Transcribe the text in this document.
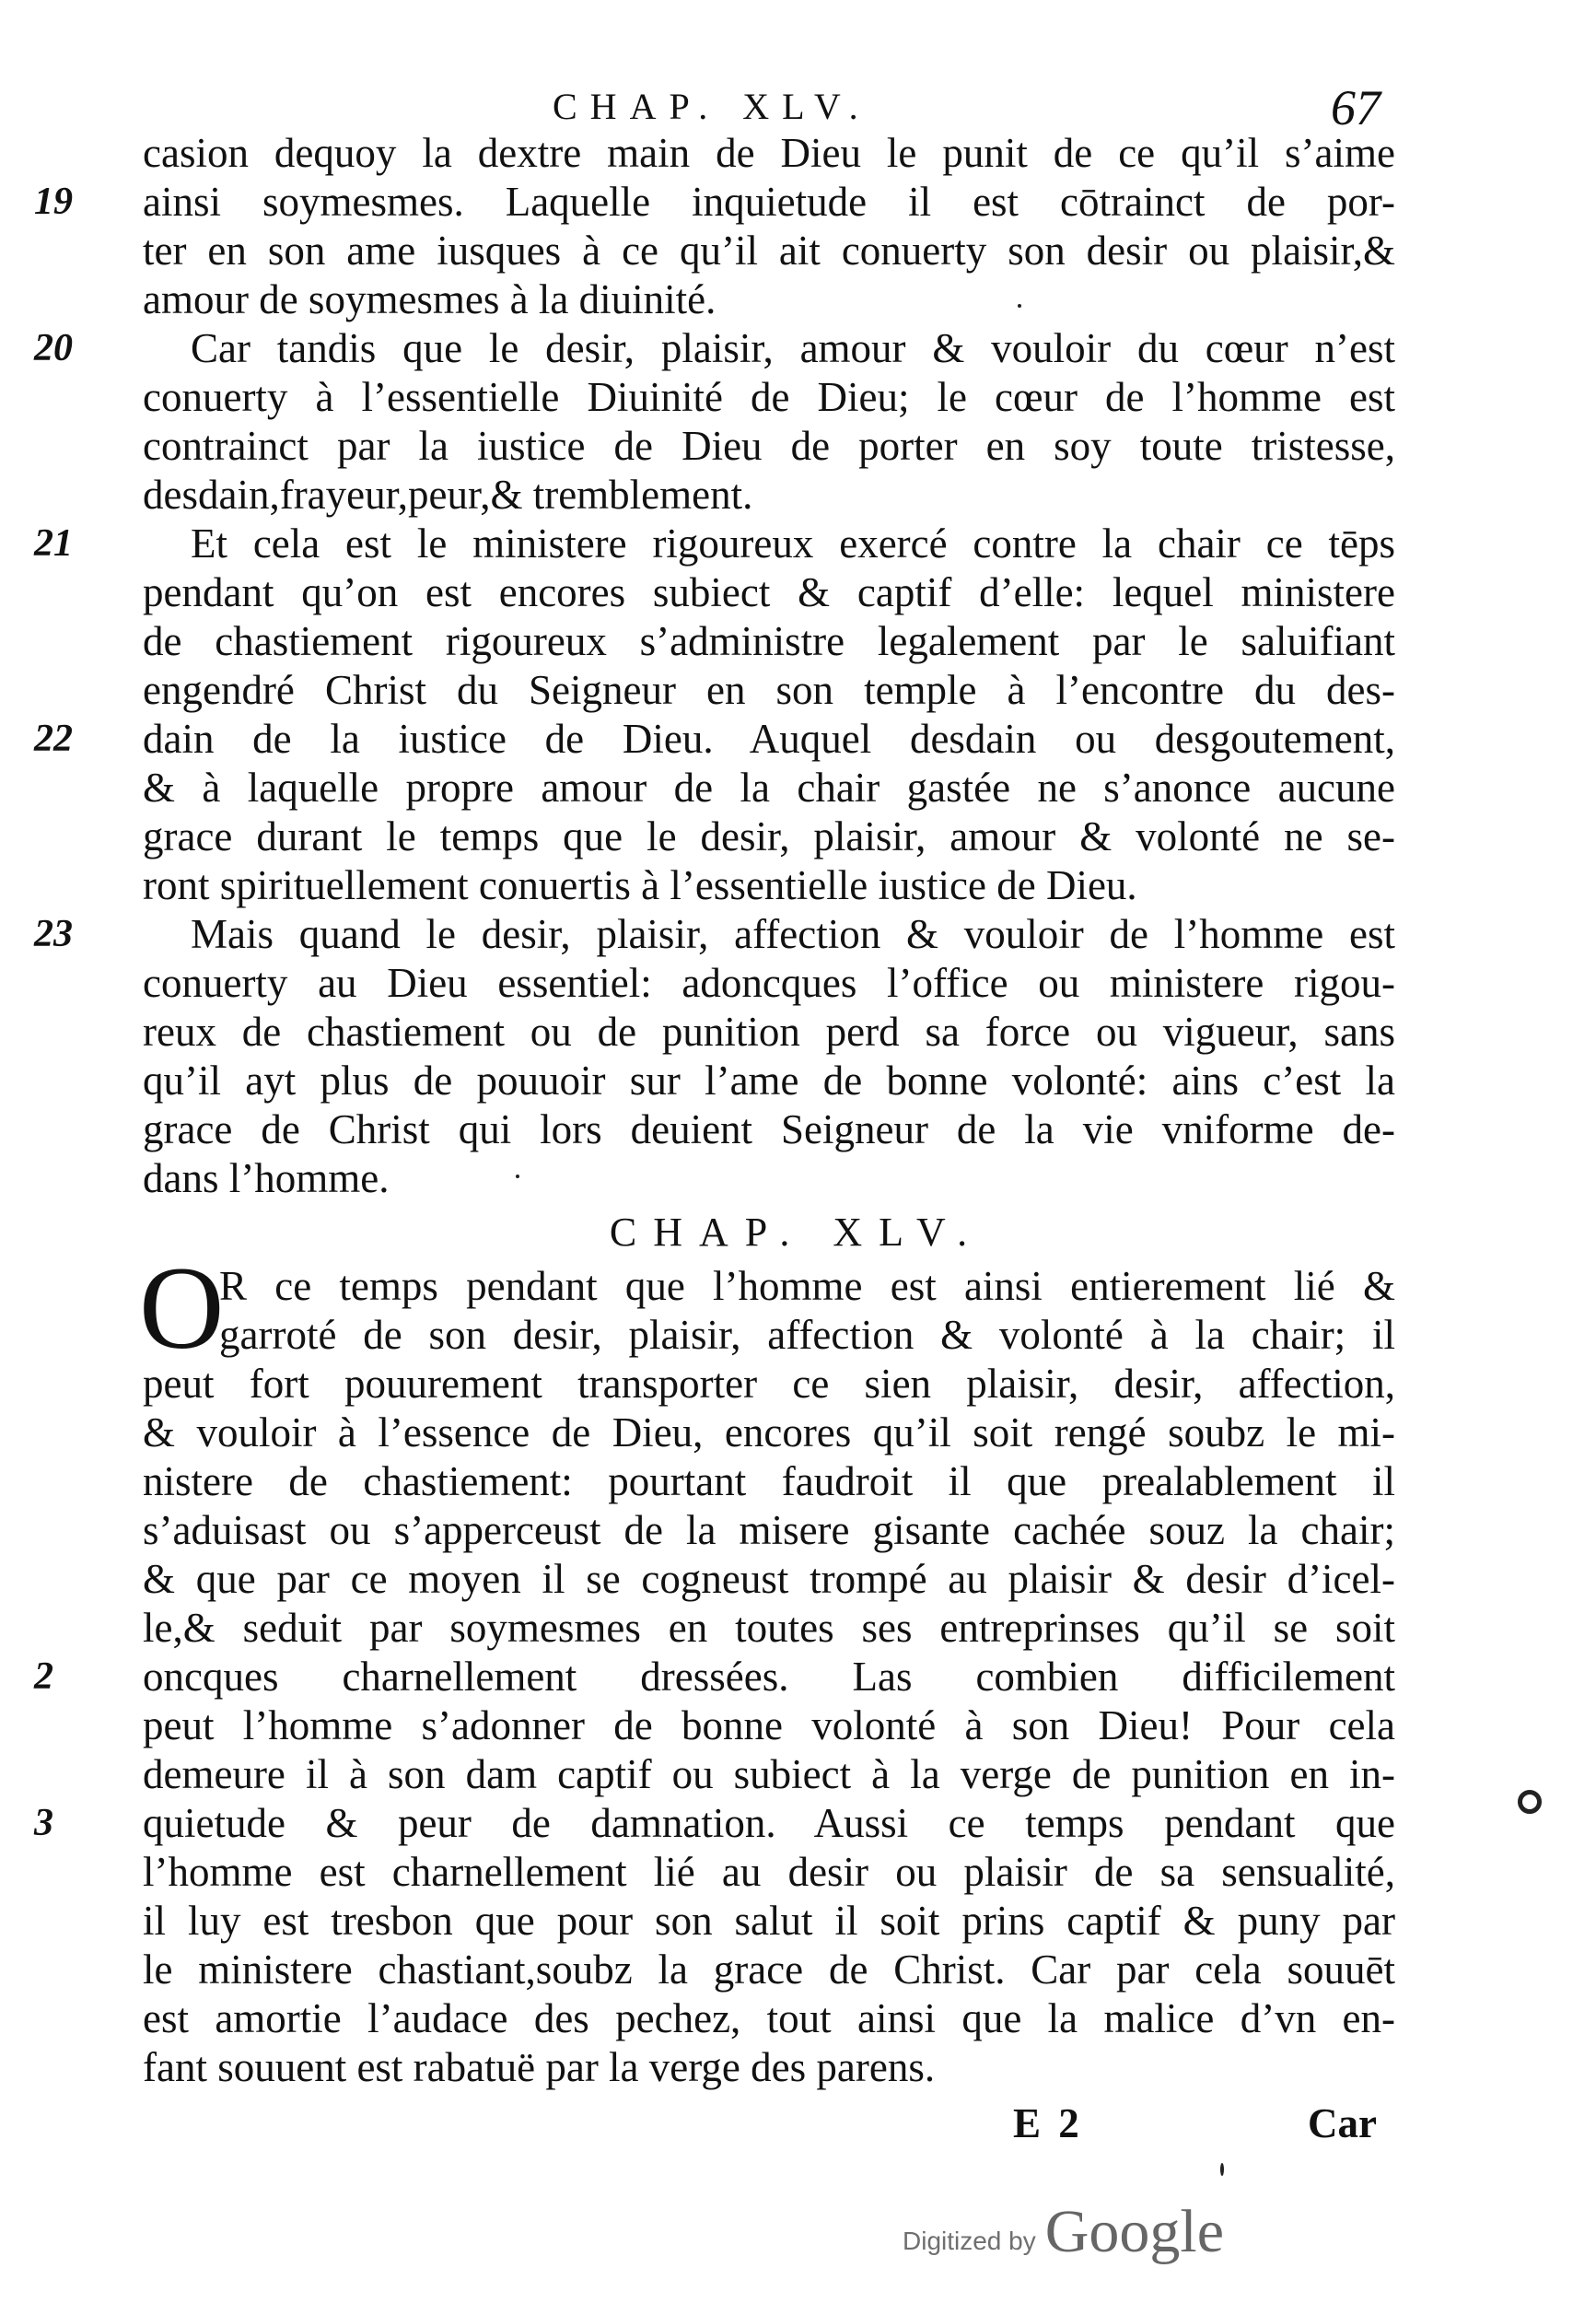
CHAP. XLV.	67
casion dequoy la dextre main de Dieu le punit de ce qu’il s’aime
19	ainsi soymesmes. Laquelle inquietude il est cōtrainct de por-
ter en son ame iusques à ce qu’il ait conuerty son desir ou plaisir,&
amour de soymesmes à la diuinité.
20	Car tandis que le desir, plaisir, amour & vouloir du cœur n’est
conuerty à l’essentielle Diuinité de Dieu; le cœur de l’homme est
contrainct par la iustice de Dieu de porter en soy toute tristesse,
desdain,frayeur,peur,& tremblement.
21	Et cela est le ministere rigoureux exercé contre la chair ce tēps
pendant qu’on est encores subiect & captif d’elle: lequel ministere
de chastiement rigoureux s’administre legalement par le saluifiant
engendré Christ du Seigneur en son temple à l’encontre du des-
22	dain de la iustice de Dieu. Auquel desdain ou desgoutement,
& à laquelle propre amour de la chair gastée ne s’anonce aucune
grace durant le temps que le desir, plaisir, amour & volonté ne se-
ront spirituellement conuertis à l’essentielle iustice de Dieu.
23	Mais quand le desir, plaisir, affection & vouloir de l’homme est
conuerty au Dieu essentiel: adoncques l’office ou ministere rigou-
reux de chastiement ou de punition perd sa force ou vigueur, sans
qu’il ayt plus de pouuoir sur l’ame de bonne volonté: ains c’est la
grace de Christ qui lors deuient Seigneur de la vie vniforme de-
dans l’homme.
CHAP. XLV.
O
R ce temps pendant que l’homme est ainsi entierement lié &
garroté de son desir, plaisir, affection & volonté à la chair; il
peut fort pouurement transporter ce sien plaisir, desir, affection,
& vouloir à l’essence de Dieu, encores qu’il soit rengé soubz le mi-
nistere de chastiement: pourtant faudroit il que prealablement il
s’aduisast ou s’apperceust de la misere gisante cachée souz la chair;
& que par ce moyen il se cogneust trompé au plaisir & desir d’icel-
le,& seduit par soymesmes en toutes ses entreprinses qu’il se soit
2	oncques charnellement dressées. Las combien difficilement
peut l’homme s’adonner de bonne volonté à son Dieu! Pour cela
demeure il à son dam captif ou subiect à la verge de punition en in-
3	quietude & peur de damnation. Aussi ce temps pendant que
l’homme est charnellement lié au desir ou plaisir de sa sensualité,
il luy est tresbon que pour son salut il soit prins captif & puny par
le ministere chastiant,soubz la grace de Christ. Car par cela souuēt
est amortie l’audace des pechez, tout ainsi que la malice d’vn en-
fant souuent est rabatuë par la verge des parens.
E 2	Car
Digitized by Google
